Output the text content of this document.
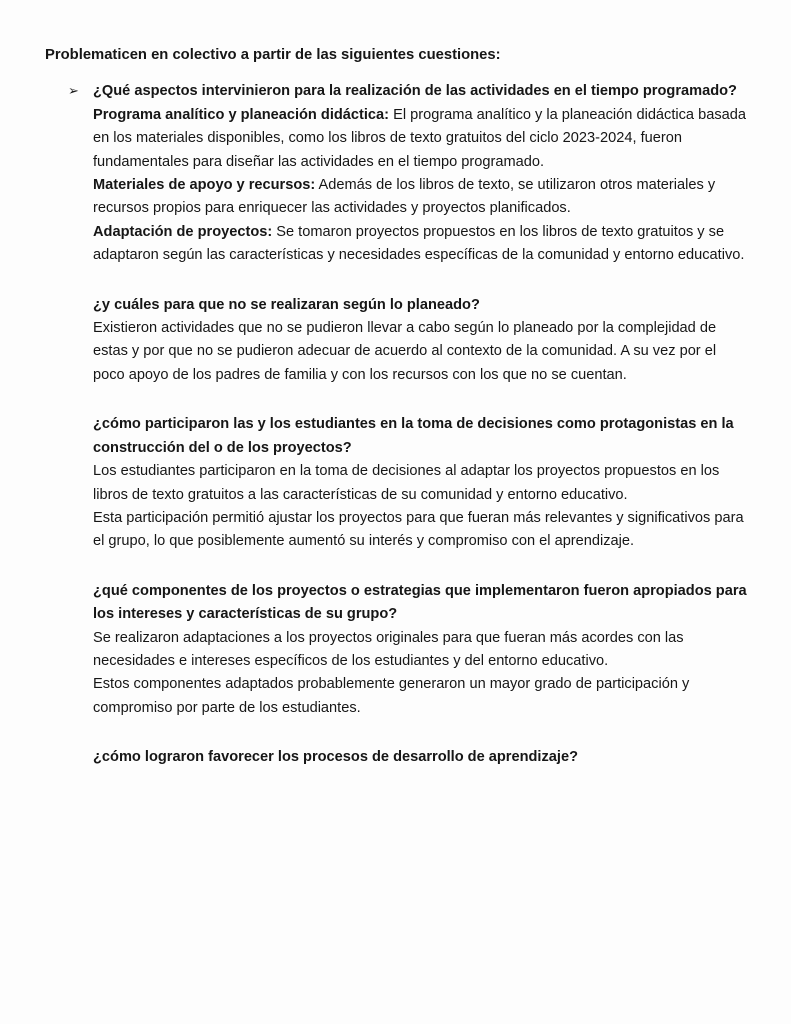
Problematicen en colectivo a partir de las siguientes cuestiones:
➢ ¿Qué aspectos intervinieron para la realización de las actividades en el tiempo programado?

Programa analítico y planeación didáctica: El programa analítico y la planeación didáctica basada en los materiales disponibles, como los libros de texto gratuitos del ciclo 2023-2024, fueron fundamentales para diseñar las actividades en el tiempo programado.

Materiales de apoyo y recursos: Además de los libros de texto, se utilizaron otros materiales y recursos propios para enriquecer las actividades y proyectos planificados.

Adaptación de proyectos: Se tomaron proyectos propuestos en los libros de texto gratuitos y se adaptaron según las características y necesidades específicas de la comunidad y entorno educativo.

¿y cuáles para que no se realizaran según lo planeado?

Existieron actividades que no se pudieron llevar a cabo según lo planeado por la complejidad de estas y por que no se pudieron adecuar de acuerdo al contexto de la comunidad. A su vez por el poco apoyo de los padres de familia y con los recursos con los que no se cuentan.

¿cómo participaron las y los estudiantes en la toma de decisiones como protagonistas en la construcción del o de los proyectos?

Los estudiantes participaron en la toma de decisiones al adaptar los proyectos propuestos en los libros de texto gratuitos a las características de su comunidad y entorno educativo.

Esta participación permitió ajustar los proyectos para que fueran más relevantes y significativos para el grupo, lo que posiblemente aumentó su interés y compromiso con el aprendizaje.

¿qué componentes de los proyectos o estrategias que implementaron fueron apropiados para los intereses y características de su grupo?

Se realizaron adaptaciones a los proyectos originales para que fueran más acordes con las necesidades e intereses específicos de los estudiantes y del entorno educativo.

Estos componentes adaptados probablemente generaron un mayor grado de participación y compromiso por parte de los estudiantes.

¿cómo lograron favorecer los procesos de desarrollo de aprendizaje?
